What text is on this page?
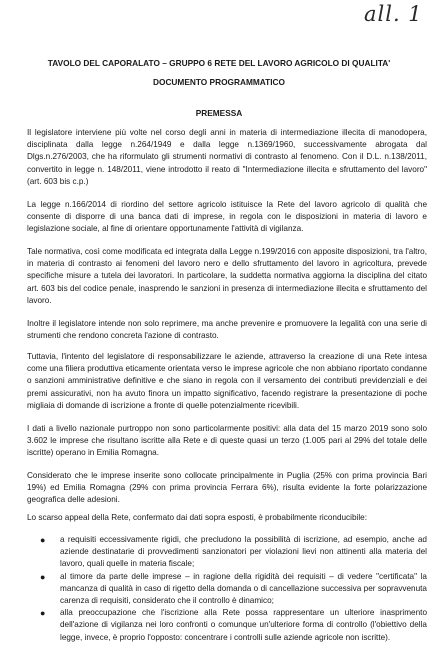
all. 1
TAVOLO DEL CAPORALATO – GRUPPO 6 RETE DEL LAVORO AGRICOLO DI QUALITA'
DOCUMENTO PROGRAMMATICO
PREMESSA

Il legislatore interviene più volte nel corso degli anni in materia di intermediazione illecita di manodopera, disciplinata dalla legge n.264/1949 e dalla legge n.1369/1960, successivamente abrogata dal Dlgs.n.276/2003, che ha riformulato gli strumenti normativi di contrasto al fenomeno. Con il D.L. n.138/2011, convertito in legge n. 148/2011, viene introdotto il reato di "Intermediazione illecita e sfruttamento del lavoro" (art. 603 bis c.p.)

La legge n.166/2014 di riordino del settore agricolo istituisce la Rete del lavoro agricolo di qualità che consente di disporre di una banca dati di imprese, in regola con le disposizioni in materia di lavoro e legislazione sociale, al fine di orientare opportunamente l'attività di vigilanza.

Tale normativa, così come modificata ed integrata dalla Legge n.199/2016 con apposite disposizioni, tra l'altro, in materia di contrasto ai fenomeni del lavoro nero e dello sfruttamento del lavoro in agricoltura, prevede specifiche misure a tutela dei lavoratori. In particolare, la suddetta normativa aggiorna la disciplina del citato art. 603 bis del codice penale, inasprendo le sanzioni in presenza di intermediazione illecita e sfruttamento del lavoro.

Inoltre il legislatore intende non solo reprimere, ma anche prevenire e promuovere la legalità con una serie di strumenti che rendono concreta l'azione di contrasto.

Tuttavia, l'intento del legislatore di responsabilizzare le aziende, attraverso la creazione di una Rete intesa come una filiera produttiva eticamente orientata verso le imprese agricole che non abbiano riportato condanne o sanzioni amministrative definitive e che siano in regola con il versamento dei contributi previdenziali e dei premi assicurativi, non ha avuto finora un impatto significativo, facendo registrare la presentazione di poche migliaia di domande di iscrizione a fronte di quelle potenzialmente ricevibili.

I dati a livello nazionale purtroppo non sono particolarmente positivi: alla data del 15 marzo 2019 sono solo 3.602 le imprese che risultano iscritte alla Rete e di queste quasi un terzo (1.005 pari al 29% del totale delle iscritte) operano in Emilia Romagna.

Considerato che le imprese inserite sono collocate principalmente in Puglia (25% con prima provincia Bari 19%) ed Emilia Romagna (29% con prima provincia Ferrara 6%), risulta evidente la forte polarizzazione geografica delle adesioni.

Lo scarso appeal della Rete, confermato dai dati sopra esposti, è probabilmente riconducibile:

● a requisiti eccessivamente rigidi, che precludono la possibilità di iscrizione, ad esempio, anche ad aziende destinatarie di provvedimenti sanzionatori per violazioni lievi non attinenti alla materia del lavoro, quali quelle in materia fiscale;
● al timore da parte delle imprese – in ragione della rigidità dei requisiti – di vedere "certificata" la mancanza di qualità in caso di rigetto della domanda o di cancellazione successiva per sopravvenuta carenza di requisiti, considerato che il controllo è dinamico;
● alla preoccupazione che l'iscrizione alla Rete possa rappresentare un ulteriore inasprimento dell'azione di vigilanza nei loro confronti o comunque un'ulteriore forma di controllo (l'obiettivo della legge, invece, è proprio l'opposto: concentrare i controlli sulle aziende agricole non iscritte).
